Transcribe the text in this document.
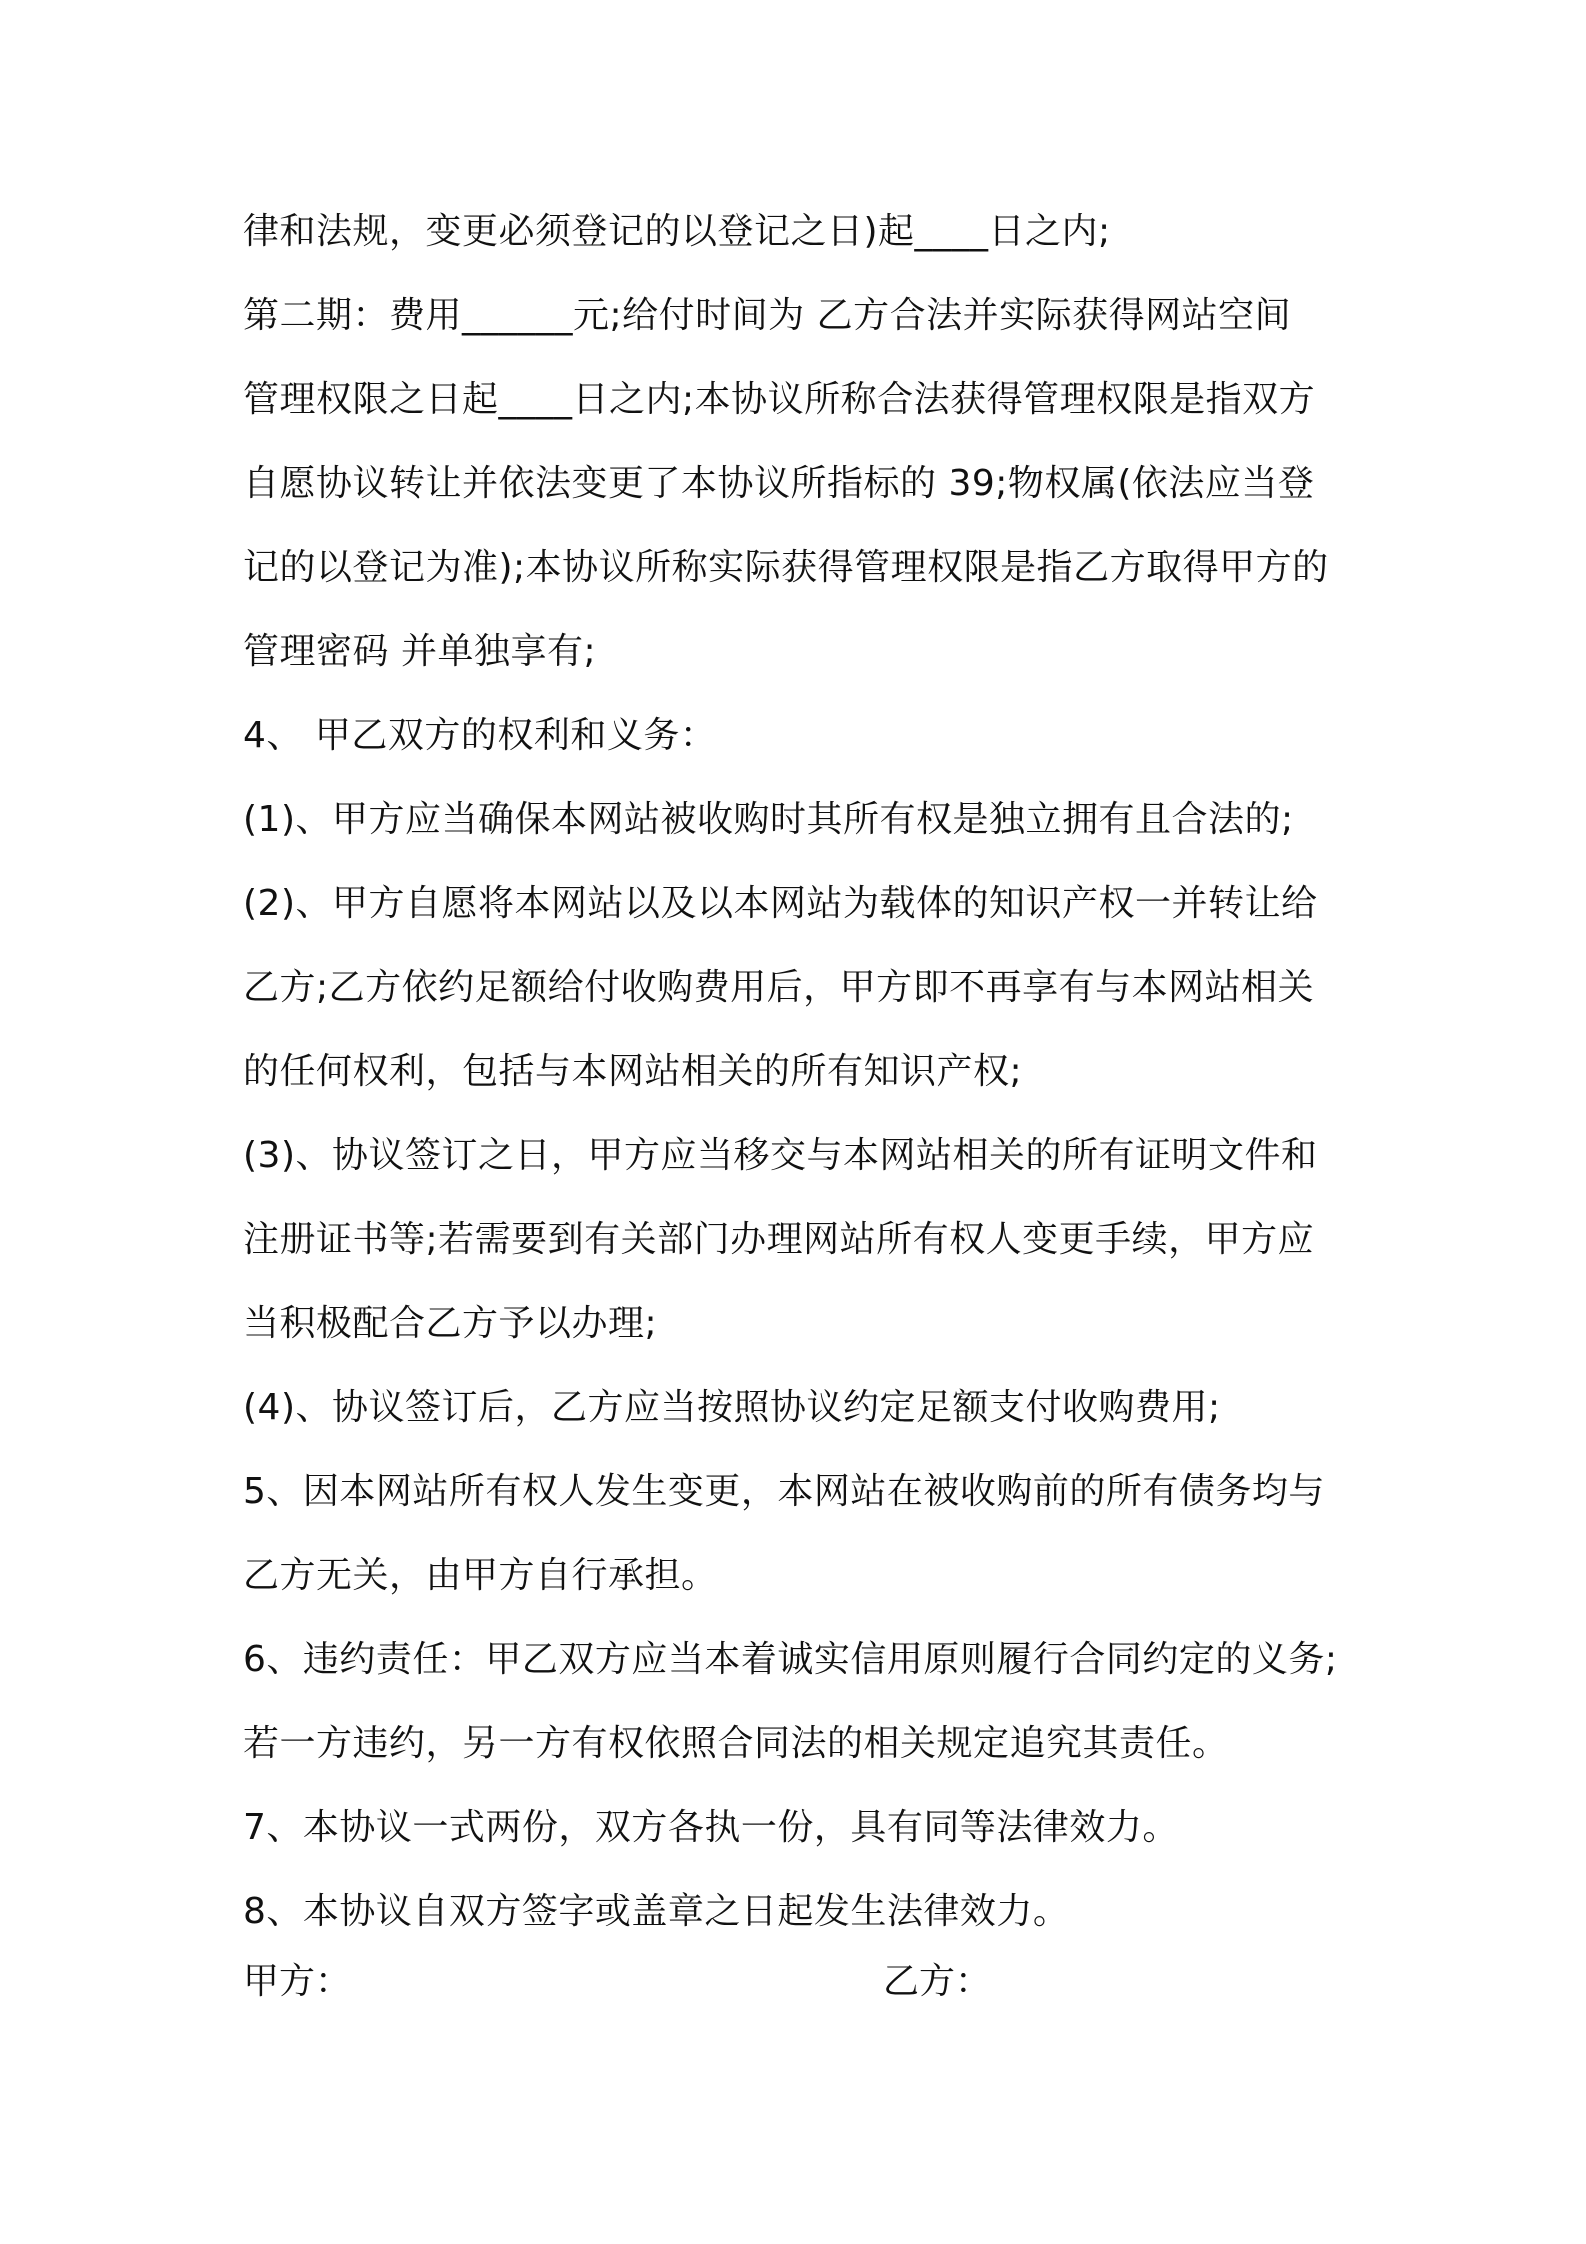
律和法规，变更必须登记的以登记之日)起____日之内;
第二期：费用______元;给付时间为 乙方合法并实际获得网站空间
管理权限之日起____日之内;本协议所称合法获得管理权限是指双方
自愿协议转让并依法变更了本协议所指标的 39;物权属(依法应当登
记的以登记为准);本协议所称实际获得管理权限是指乙方取得甲方的
管理密码 并单独享有;
4、 甲乙双方的权利和义务：
(1)、甲方应当确保本网站被收购时其所有权是独立拥有且合法的;
(2)、甲方自愿将本网站以及以本网站为载体的知识产权一并转让给
乙方;乙方依约足额给付收购费用后，甲方即不再享有与本网站相关
的任何权利，包括与本网站相关的所有知识产权;
(3)、协议签订之日，甲方应当移交与本网站相关的所有证明文件和
注册证书等;若需要到有关部门办理网站所有权人变更手续，甲方应
当积极配合乙方予以办理;
(4)、协议签订后，乙方应当按照协议约定足额支付收购费用;
5、因本网站所有权人发生变更，本网站在被收购前的所有债务均与
乙方无关，由甲方自行承担。
6、违约责任：甲乙双方应当本着诚实信用原则履行合同约定的义务;
若一方违约，另一方有权依照合同法的相关规定追究其责任。
7、本协议一式两份，双方各执一份，具有同等法律效力。
8、本协议自双方签字或盖章之日起发生法律效力。
甲方：	乙方：
